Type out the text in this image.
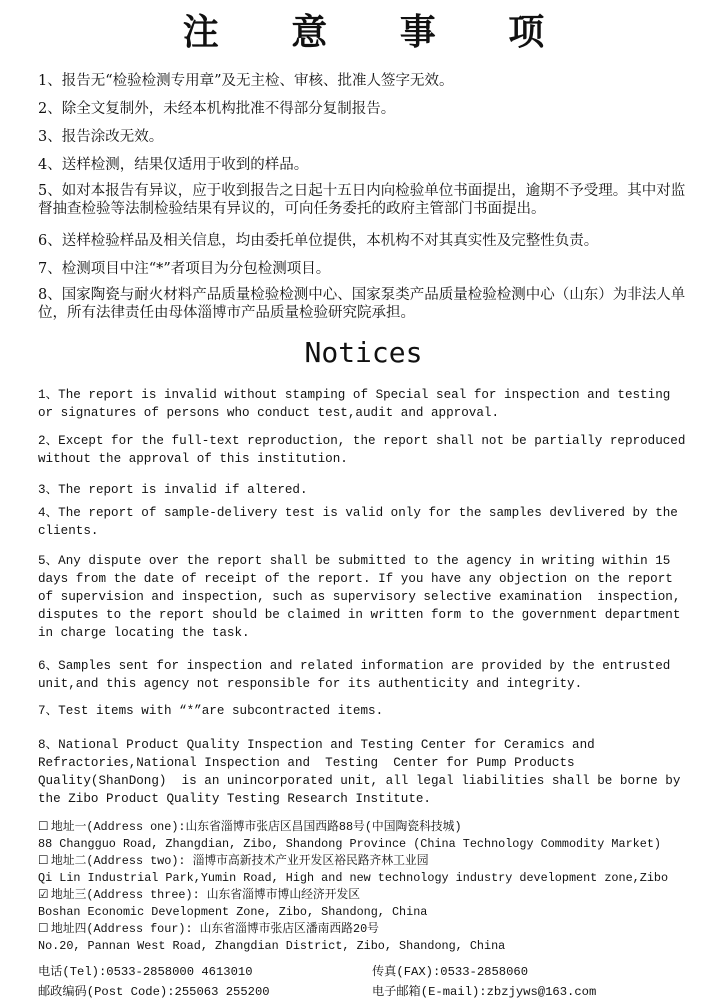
注 意 事 项

1、报告无“检验检测专用章”及无主检、审核、批准人签字无效。

2、除全文复制外，未经本机构批准不得部分复制报告。

3、报告涂改无效。

4、送样检测，结果仅适用于收到的样品。

5、如对本报告有异议，应于收到报告之日起十五日内向检验单位书面提出，逾期不予受理。其中对监督抽查检验等法制检验结果有异议的，可向任务委托的政府主管部门书面提出。

6、送样检验样品及相关信息，均由委托单位提供，本机构不对其真实性及完整性负责。

7、检测项目中注“*”者项目为分包检测项目。

8、国家陶瓷与耐火材料产品质量检验检测中心、国家泵类产品质量检验检测中心（山东）为非法人单位，所有法律责任由母体淄博市产品质量检验研究院承担。

Notices

1、The report is invalid without stamping of Special seal for inspection and testing or signatures of persons who conduct test,audit and approval.

2、Except for the full-text reproduction, the report shall not be partially reproduced without the approval of this institution.

3、The report is invalid if altered.

4、The report of sample-delivery test is valid only for the samples devlivered by the clients.

5、Any dispute over the report shall be submitted to the agency in writing within 15 days from the date of receipt of the report. If you have any objection on the report of supervision and inspection, such as supervisory selective examination  inspection, disputes to the report should be claimed in written form to the government department in charge locating the task.

6、Samples sent for inspection and related information are provided by the entrusted unit,and this agency not responsible for its authenticity and integrity.

7、Test items with “*”are subcontracted items.

8、National Product Quality Inspection and Testing Center for Ceramics and Refractories,National Inspection and  Testing  Center for Pump Products Quality(ShanDong)  is an unincorporated unit, all legal liabilities shall be borne by the Zibo Product Quality Testing Research Institute.

☐ 地址一(Address one):山东省淄博市张店区昌国西路88号(中国陶瓷科技城)
88 Changguo Road, Zhangdian, Zibo, Shandong Province (China Technology Commodity Market)
☐ 地址二(Address two): 淄博市高新技术产业开发区裕民路齐林工业园
Qi Lin Industrial Park,Yumin Road, High and new technology industry development zone,Zibo
☑ 地址三(Address three): 山东省淄博市博山经济开发区
Boshan Economic Development Zone, Zibo, Shandong, China
☐ 地址四(Address four): 山东省淄博市张店区潘南西路20号
No.20, Pannan West Road, Zhangdian District, Zibo, Shandong, China
电话(Tel):0533-2858000 4613010	传真(FAX):0533-2858060
邮政编码(Post Code):255063 255200	电子邮箱(E-mail):zbzjyws@163.com
